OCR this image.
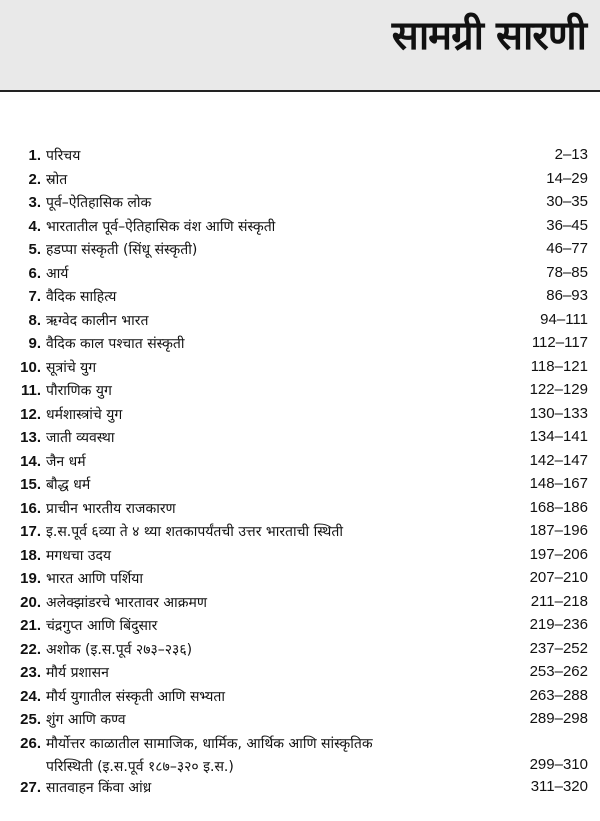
सामग्री सारणी
1. परिचय	2–13
2. स्रोत	14–29
3. पूर्व–ऐतिहासिक लोक	30–35
4. भारतातील पूर्व–ऐतिहासिक वंश आणि संस्कृती	36–45
5. हडप्पा संस्कृती (सिंधू संस्कृती)	46–77
6. आर्य	78–85
7. वैदिक साहित्य	86–93
8. ऋग्वेद कालीन भारत	94–111
9. वैदिक काल पश्चात संस्कृती	112–117
10. सूत्रांचे युग	118–121
11. पौराणिक युग	122–129
12. धर्मशास्त्रांचे युग	130–133
13. जाती व्यवस्था	134–141
14. जैन धर्म	142–147
15. बौद्ध धर्म	148–167
16. प्राचीन भारतीय राजकारण	168–186
17. इ.स.पूर्व ६व्या ते ४ थ्या शतकापर्यंतची उत्तर भारताची स्थिती	187–196
18. मगधचा उदय	197–206
19. भारत आणि पर्शिया	207–210
20. अलेक्झांडरचे भारतावर आक्रमण	211–218
21. चंद्रगुप्त आणि बिंदुसार	219–236
22. अशोक (इ.स.पूर्व २७३–२३६)	237–252
23. मौर्य प्रशासन	253–262
24. मौर्य युगातील संस्कृती आणि सभ्यता	263–288
25. शुंग आणि कण्व	289–298
26. मौर्योत्तर काळातील सामाजिक, धार्मिक, आर्थिक आणि सांस्कृतिक
परिस्थिती (इ.स.पूर्व १८७–३२० इ.स.)	299–310
27. सातवाहन किंवा आंध्र	311–320
